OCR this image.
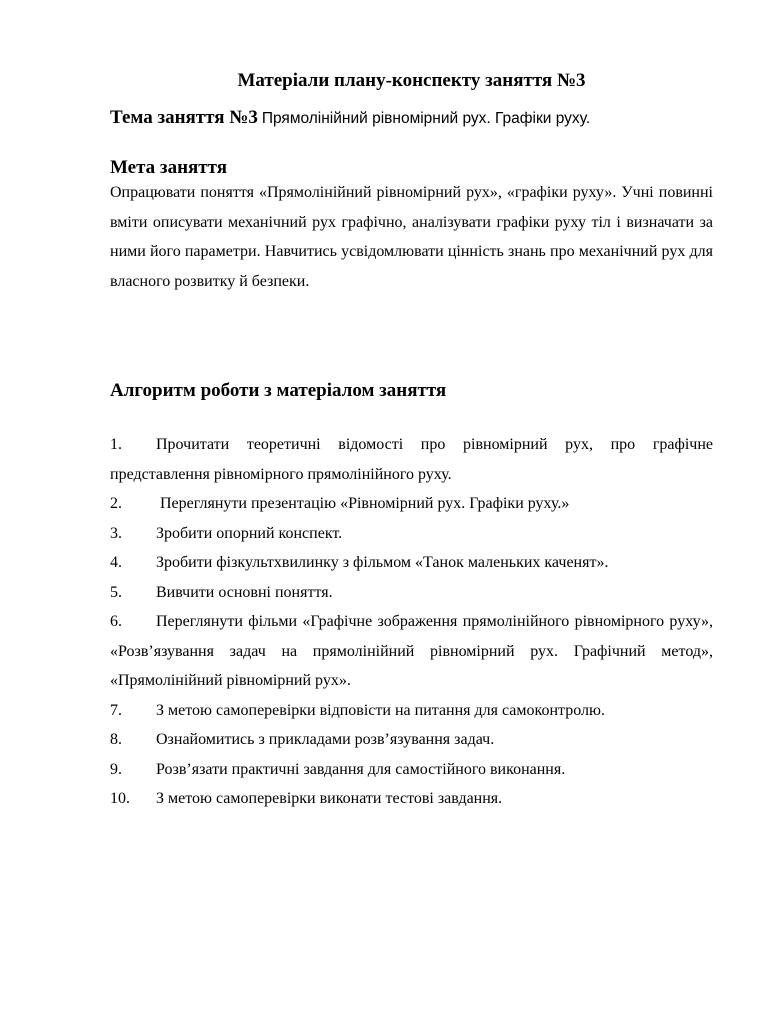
Матеріали плану-конспекту заняття №3
Тема заняття №3 Прямолінійний рівномірний рух. Графіки руху.
Мета заняття

Опрацювати поняття «Прямолінійний рівномірний рух», «графіки руху». Учні повинні вміти описувати механічний рух графічно, аналізувати графіки руху тіл і визначати за ними його параметри. Навчитись усвідомлювати цінність знань про механічний рух для власного розвитку й безпеки.

Алгоритм роботи з матеріалом заняття
1. Прочитати теоретичні відомості про рівномірний рух, про графічне представлення рівномірного прямолінійного руху.
2. Переглянути презентацію «Рівномірний рух. Графіки руху.»
3. Зробити опорний конспект.
4. Зробити фізкультхвилинку з фільмом «Танок маленьких каченят».
5. Вивчити основні поняття.
6. Переглянути фільми «Графічне зображення прямолінійного рівномірного руху», «Розв’язування задач на прямолінійний рівномірний рух. Графічний метод», «Прямолінійний рівномірний рух».
7. З метою самоперевірки відповісти на питання для самоконтролю.
8. Ознайомитись з прикладами розв’язування задач.
9. Розв’язати практичні завдання для самостійного виконання.
10. З метою самоперевірки виконати тестові завдання.
